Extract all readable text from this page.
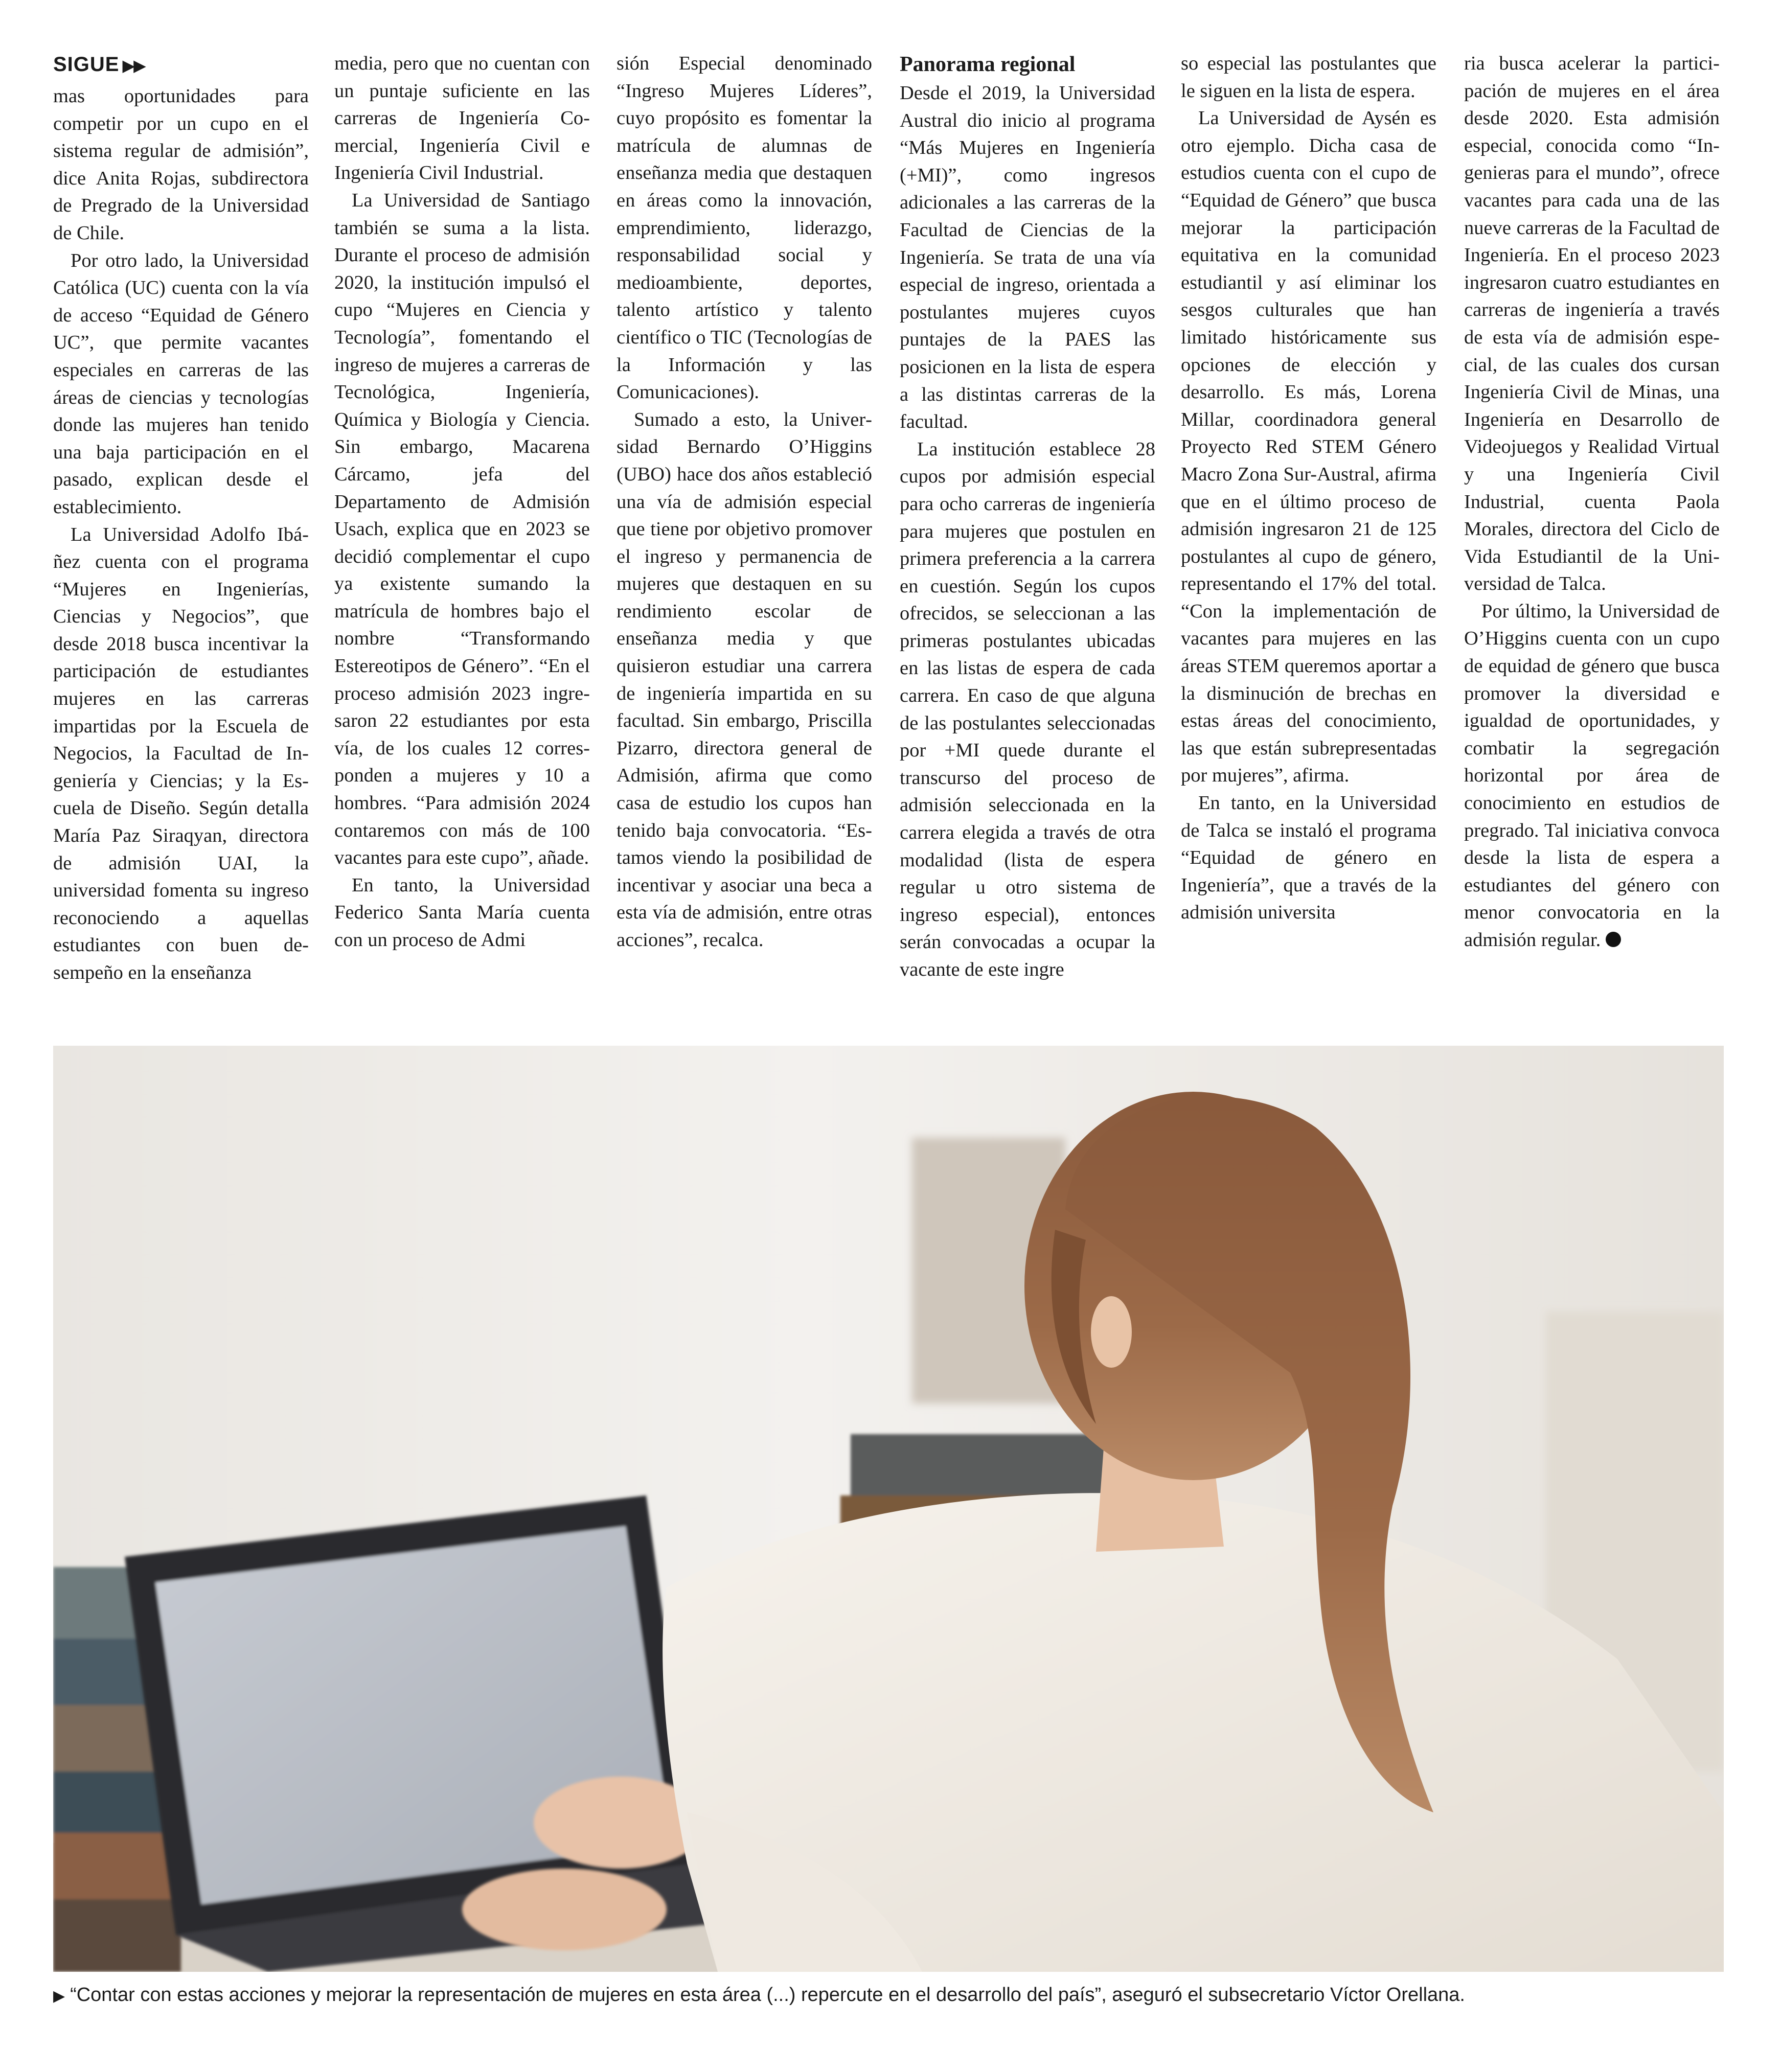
SIGUE ▶▶

mas oportunidades para competir por un cupo en el sistema regular de admisión”, dice Anita Rojas, subdirectora de Pregrado de la Universidad de Chile.

Por otro lado, la Universidad Católica (UC) cuenta con la vía de acceso “Equidad de Género UC”, que permite vacantes especiales en carreras de las áreas de ciencias y tecnologías donde las mujeres han tenido una baja participación en el pasado, explican desde el establecimiento.

La Universidad Adolfo Ibáñez cuenta con el programa “Mujeres en Ingenierías, Ciencias y Negocios”, que desde 2018 busca incentivar la participación de estudiantes mujeres en las carreras impartidas por la Escuela de Negocios, la Facultad de Ingeniería y Ciencias; y la Escuela de Diseño. Según detalla María Paz Siraqyan, directora de admisión UAI, la universidad fomenta su ingreso reconociendo a aquellas estudiantes con buen desempeño en la enseñanza

media, pero que no cuentan con un puntaje suficiente en las carreras de Ingeniería Comercial, Ingeniería Civil e Ingeniería Civil Industrial.

La Universidad de Santiago también se suma a la lista. Durante el proceso de admisión 2020, la institución impulsó el cupo “Mujeres en Ciencia y Tecnología”, fomentando el ingreso de mujeres a carreras de Tecnológica, Ingeniería, Química y Biología y Ciencia. Sin embargo, Macarena Cárcamo, jefa del Departamento de Admisión Usach, explica que en 2023 se decidió complementar el cupo ya existente sumando la matrícula de hombres bajo el nombre “Transformando Estereotipos de Género”. “En el proceso admisión 2023 ingresaron 22 estudiantes por esta vía, de los cuales 12 corresponden a mujeres y 10 a hombres. “Para admisión 2024 contaremos con más de 100 vacantes para este cupo”, añade.

En tanto, la Universidad Federico Santa María cuenta con un proceso de Admi

sión Especial denominado “Ingreso Mujeres Líderes”, cuyo propósito es fomentar la matrícula de alumnas de enseñanza media que destaquen en áreas como la innovación, emprendimiento, liderazgo, responsabilidad social y medioambiente, deportes, talento artístico y talento científico o TIC (Tecnologías de la Información y las Comunicaciones).

Sumado a esto, la Universidad Bernardo O’Higgins (UBO) hace dos años estableció una vía de admisión especial que tiene por objetivo promover el ingreso y permanencia de mujeres que destaquen en su rendimiento escolar de enseñanza media y que quisieron estudiar una carrera de ingeniería impartida en su facultad. Sin embargo, Priscilla Pizarro, directora general de Admisión, afirma que como casa de estudio los cupos han tenido baja convocatoria. “Estamos viendo la posibilidad de incentivar y asociar una beca a esta vía de admisión, entre otras acciones”, recalca.

Panorama regional

Desde el 2019, la Universidad Austral dio inicio al programa “Más Mujeres en Ingeniería (+MI)”, como ingresos adicionales a las carreras de la Facultad de Ciencias de la Ingeniería. Se trata de una vía especial de ingreso, orientada a postulantes mujeres cuyos puntajes de la PAES las posicionen en la lista de espera a las distintas carreras de la facultad.

La institución establece 28 cupos por admisión especial para ocho carreras de ingeniería para mujeres que postulen en primera preferencia a la carrera en cuestión. Según los cupos ofrecidos, se seleccionan a las primeras postulantes ubicadas en las listas de espera de cada carrera. En caso de que alguna de las postulantes seleccionadas por +MI quede durante el transcurso del proceso de admisión seleccionada en la carrera elegida a través de otra modalidad (lista de espera regular u otro sistema de ingreso especial), entonces serán convocadas a ocupar la vacante de este ingre

so especial las postulantes que le siguen en la lista de espera.

La Universidad de Aysén es otro ejemplo. Dicha casa de estudios cuenta con el cupo de “Equidad de Género” que busca mejorar la participación equitativa en la comunidad estudiantil y así eliminar los sesgos culturales que han limitado históricаmente sus opciones de elección y desarrollo. Es más, Lorena Millar, coordinadora general Proyecto Red STEM Género Macro Zona Sur-Austral, afirma que en el último proceso de admisión ingresaron 21 de 125 postulantes al cupo de género, representando el 17% del total. “Con la implementación de vacantes para mujeres en las áreas STEM queremos aportar a la disminución de brechas en estas áreas del conocimiento, las que están subrepresentadas por mujeres”, afirma.

En tanto, en la Universidad de Talca se instaló el programa “Equidad de género en Ingeniería”, que a través de la admisión universita

ria busca acelerar la participación de mujeres en el área desde 2020. Esta admisión especial, conocida como “Ingenieras para el mundo”, ofrece vacantes para cada una de las nueve carreras de la Facultad de Ingeniería. En el proceso 2023 ingresaron cuatro estudiantes en carreras de ingeniería a través de esta vía de admisión especial, de las cuales dos cursan Ingeniería Civil de Minas, una Ingeniería en Desarrollo de Videojuegos y Realidad Virtual y una Ingeniería Civil Industrial, cuenta Paola Morales, directora del Ciclo de Vida Estudiantil de la Universidad de Talca.

Por último, la Universidad de O’Higgins cuenta con un cupo de equidad de género que busca promover la diversidad e igualdad de oportunidades, y combatir la segregación horizontal por área de conocimiento en estudios de pregrado. Tal iniciativa convoca desde la lista de espera a estudiantes del género con menor convocatoria en la admisión regular.

▶ “Contar con estas acciones y mejorar la representación de mujeres en esta área (...) repercute en el desarrollo del país”, aseguró el subsecretario Víctor Orellana.
